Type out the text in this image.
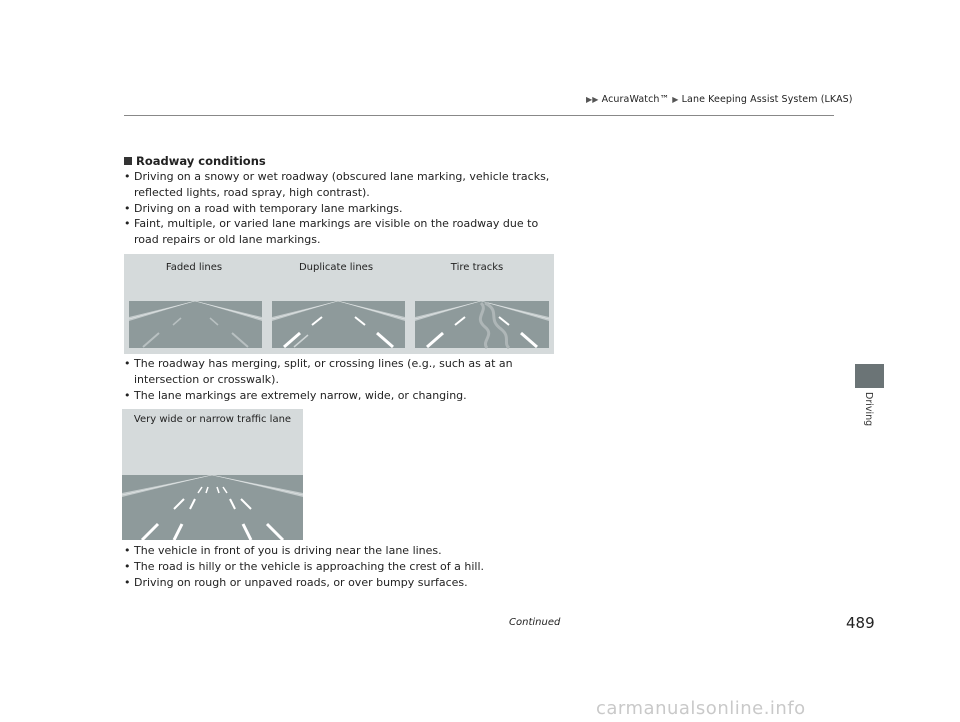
▶▶ AcuraWatch™ ▶ Lane Keeping Assist System (LKAS)
Driving
Roadway conditions
• Driving on a snowy or wet roadway (obscured lane marking, vehicle tracks, reflected lights, road spray, high contrast).
• Driving on a road with temporary lane markings.
• Faint, multiple, or varied lane markings are visible on the roadway due to road repairs or old lane markings.
Faded lines	Duplicate lines	Tire tracks
• The roadway has merging, split, or crossing lines (e.g., such as at an intersection or crosswalk).
• The lane markings are extremely narrow, wide, or changing.
Very wide or narrow traffic lane
• The vehicle in front of you is driving near the lane lines.
• The road is hilly or the vehicle is approaching the crest of a hill.
• Driving on rough or unpaved roads, or over bumpy surfaces.
Continued	489
carmanualsonline.info
